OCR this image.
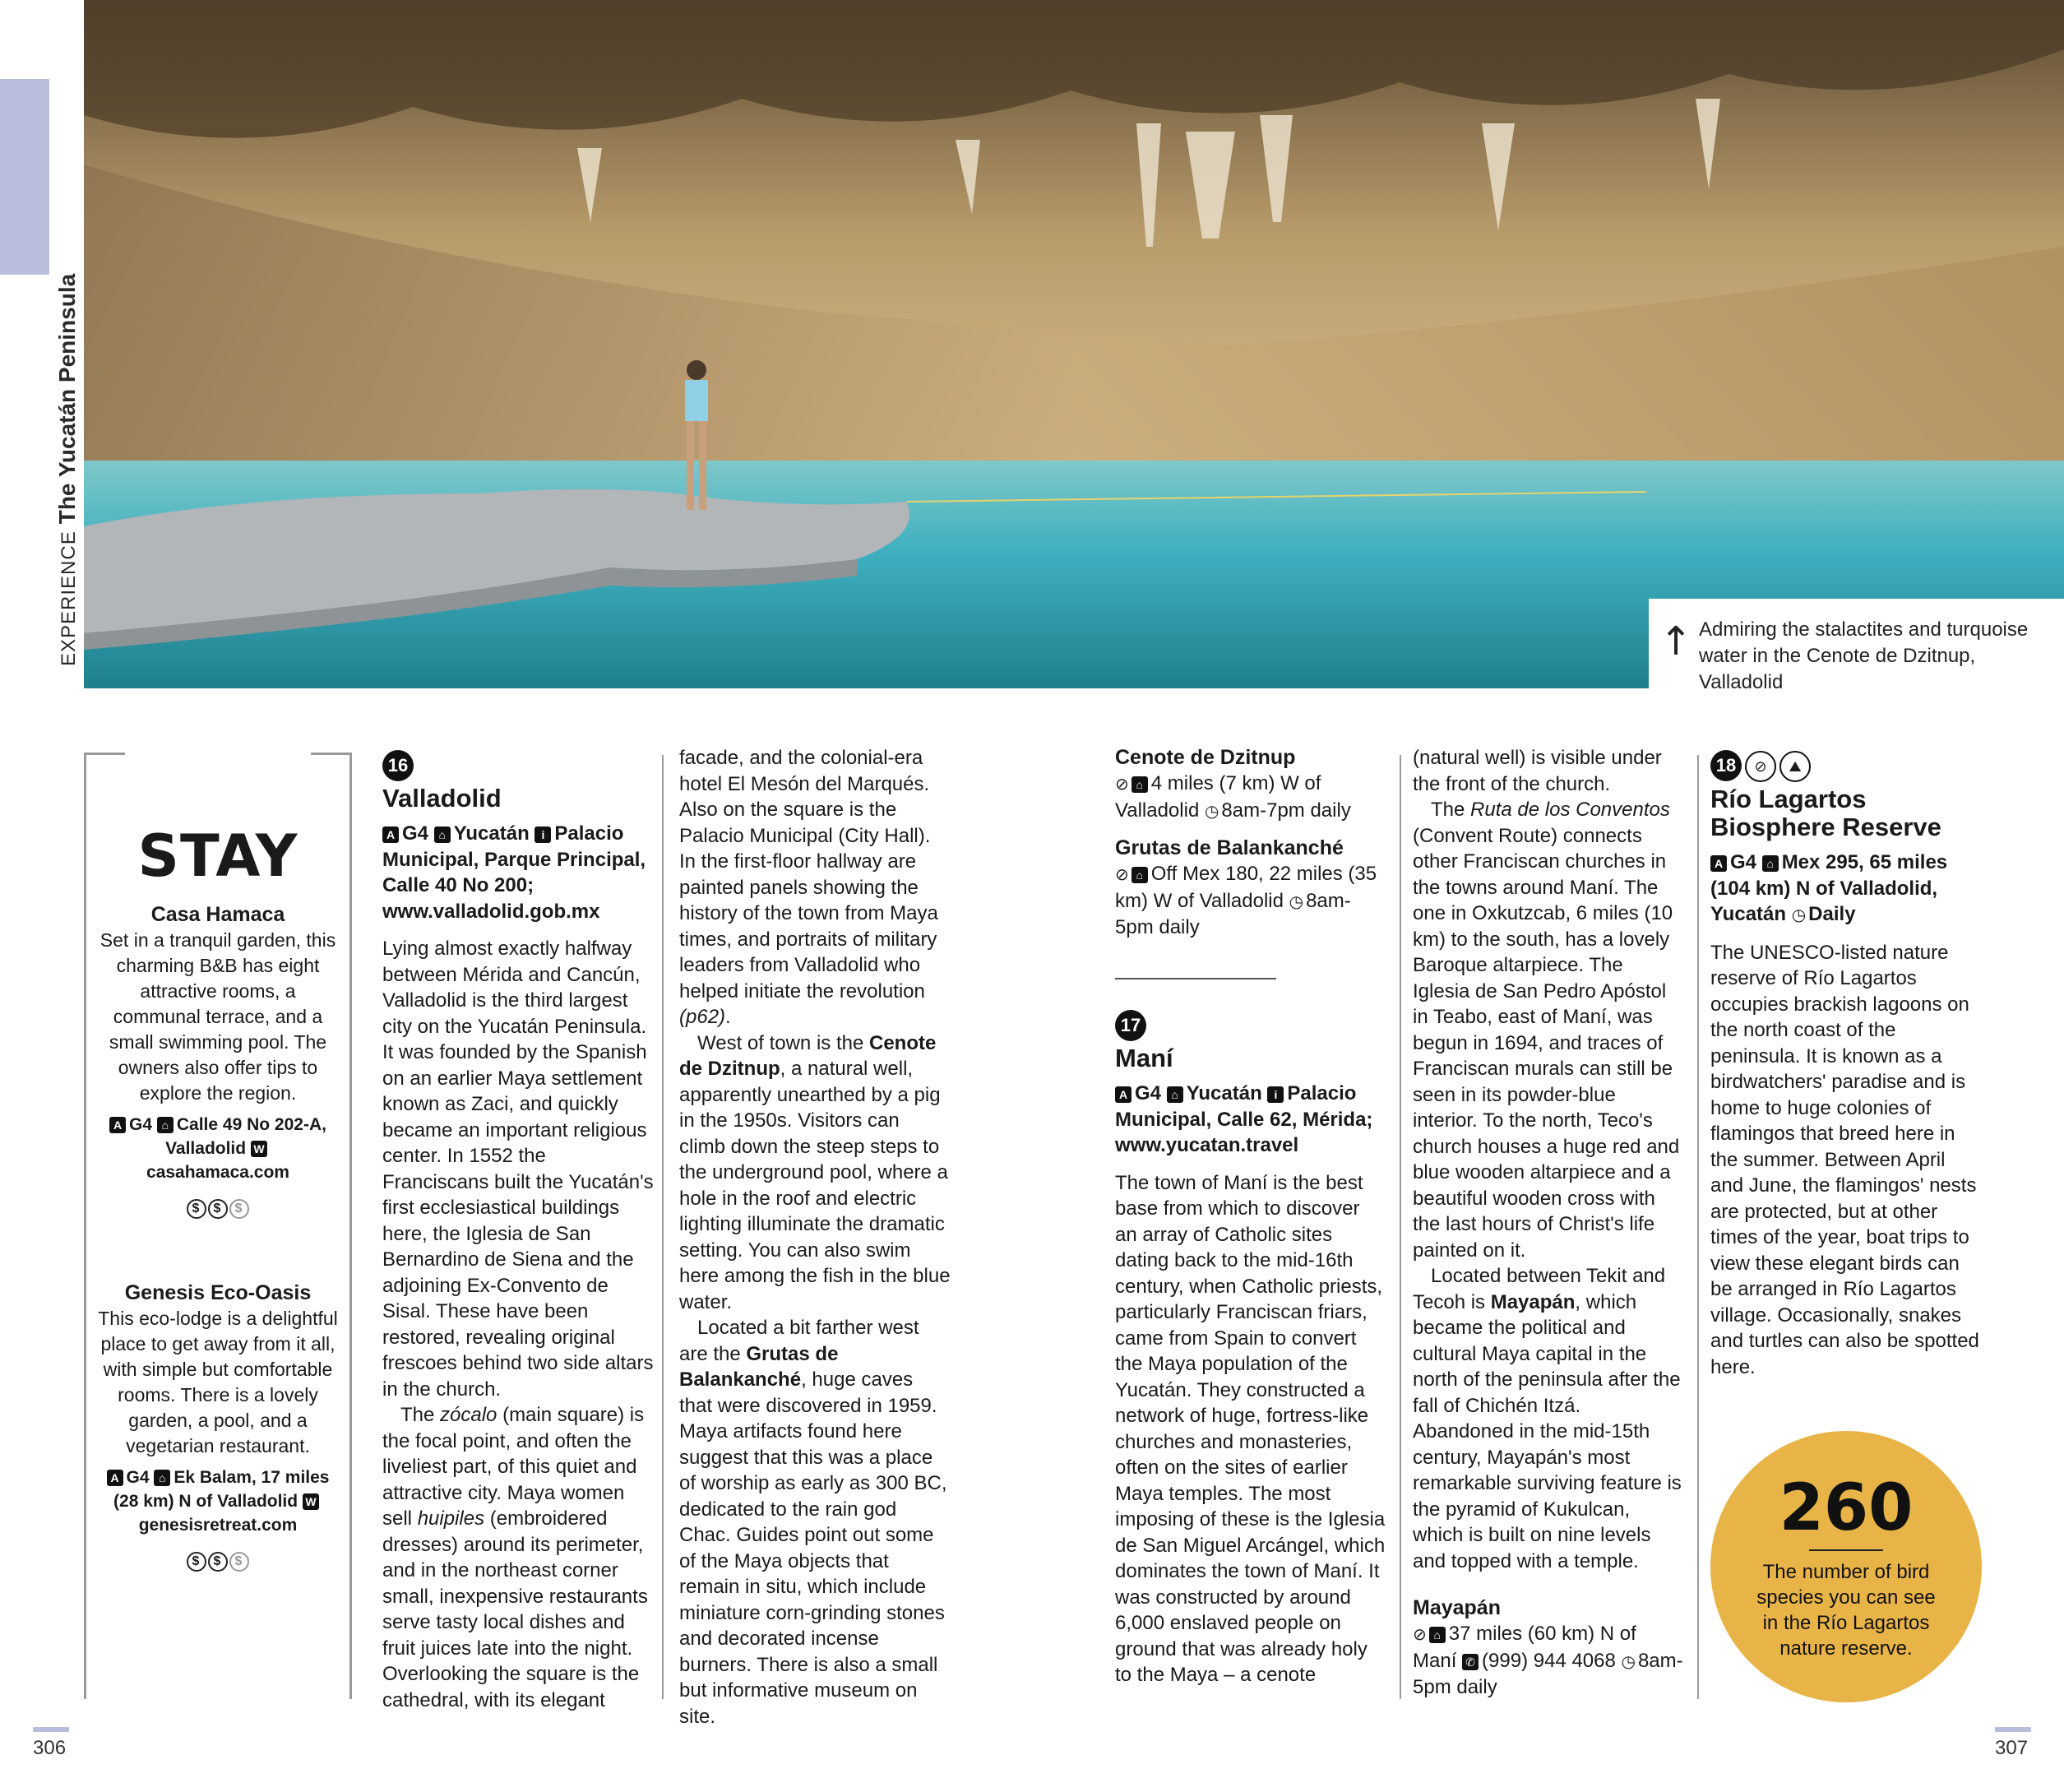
↑ Admiring the stalactites and turquoise water in the Cenote de Dzitnup, Valladolid
EXPERIENCEThe Yucatán Peninsula
STAY
Casa Hamaca
Set in a tranquil garden, this charming B&B has eight attractive rooms, a communal terrace, and a small swimming pool. The owners also offer tips to explore the region.
A G4 ⌂ Calle 49 No 202-A, Valladolid Wcasahamaca.com
$ $ $
Genesis Eco-Oasis
This eco-lodge is a delightful place to get away from it all, with simple but comfortable rooms. There is a lovely garden, a pool, and a vegetarian restaurant.
A G4 ⌂ Ek Balam, 17 miles (28 km) N of Valladolid Wgenesisretreat.com
$ $ $
16
Valladolid
A G4 ⌂ Yucatán i Palacio Municipal, Parque Principal, Calle 40 No 200; www.valladolid.gob.mx

Lying almost exactly halfway between Mérida and Cancún, Valladolid is the third largest city on the Yucatán Peninsula. It was founded by the Spanish on an earlier Maya settlement known as Zaci, and quickly became an important religious center. In 1552 the Franciscans built the Yucatán's first ecclesiastical buildings here, the Iglesia de San Bernardino de Siena and the adjoining Ex-Convento de Sisal. These have been restored, revealing original frescoes behind two side altars in the church.

The zócalo (main square) is the focal point, and often the liveliest part, of this quiet and attractive city. Maya women sell huipiles (embroidered dresses) around its perimeter, and in the northeast corner small, inexpensive restaurants serve tasty local dishes and fruit juices late into the night. Overlooking the square is the cathedral, with its elegant

facade, and the colonial-era hotel El Mesón del Marqués. Also on the square is the Palacio Municipal (City Hall). In the first-floor hallway are painted panels showing the history of the town from Maya times, and portraits of military leaders from Valladolid who helped initiate the revolution (p62).

West of town is the Cenote de Dzitnup, a natural well, apparently unearthed by a pig in the 1950s. Visitors can climb down the steep steps to the underground pool, where a hole in the roof and electric lighting illuminate the dramatic setting. You can also swim here among the fish in the blue water.

Located a bit farther west are the Grutas de Balankanché, huge caves that were discovered in 1959. Maya artifacts found here suggest that this was a place of worship as early as 300 BC, dedicated to the rain god Chac. Guides point out some of the Maya objects that remain in situ, which include miniature corn-grinding stones and decorated incense burners. There is also a small but informative museum on site.

Cenote de Dzitnup
⊘ ⌂ 4 miles (7 km) W of Valladolid ◷ 8am-7pm daily
Grutas de Balankanché
⊘ ⌂ Off Mex 180, 22 miles (35 km) W of Valladolid ◷ 8am-5pm daily
17
Maní
A G4 ⌂ Yucatán i Palacio Municipal, Calle 62, Mérida; www.yucatan.travel

The town of Maní is the best base from which to discover an array of Catholic sites dating back to the mid-16th century, when Catholic priests, particularly Franciscan friars, came from Spain to convert the Maya population of the Yucatán. They constructed a network of huge, fortress-like churches and monasteries, often on the sites of earlier Maya temples. The most imposing of these is the Iglesia de San Miguel Arcángel, which dominates the town of Maní. It was constructed by around 6,000 enslaved people on ground that was already holy to the Maya – a cenote

(natural well) is visible under the front of the church.

The Ruta de los Conventos (Convent Route) connects other Franciscan churches in the towns around Maní. The one in Oxkutzcab, 6 miles (10 km) to the south, has a lovely Baroque altarpiece. The Iglesia de San Pedro Apóstol in Teabo, east of Maní, was begun in 1694, and traces of Franciscan murals can still be seen in its powder-blue interior. To the north, Teco's church houses a huge red and blue wooden altarpiece and a beautiful wooden cross with the last hours of Christ's life painted on it.

Located between Tekit and Tecoh is Mayapán, which became the political and cultural Maya capital in the north of the peninsula after the fall of Chichén Itzá. Abandoned in the mid-15th century, Mayapán's most remarkable surviving feature is the pyramid of Kukulcan, which is built on nine levels and topped with a temple.

Mayapán
⊘ ⌂ 37 miles (60 km) N of Maní ✆ (999) 944 4068 ◷ 8am-5pm daily
18 ⊘ ⛰
Río Lagartos Biosphere Reserve
A G4 ⌂ Mex 295, 65 miles (104 km) N of Valladolid, Yucatán ◷ Daily

The UNESCO-listed nature reserve of Río Lagartos occupies brackish lagoons on the north coast of the peninsula. It is known as a birdwatchers' paradise and is home to huge colonies of flamingos that breed here in the summer. Between April and June, the flamingos' nests are protected, but at other times of the year, boat trips to view these elegant birds can be arranged in Río Lagartos village. Occasionally, snakes and turtles can also be spotted here.

260
The number of bird species you can see in the Río Lagartos nature reserve.
306	307
